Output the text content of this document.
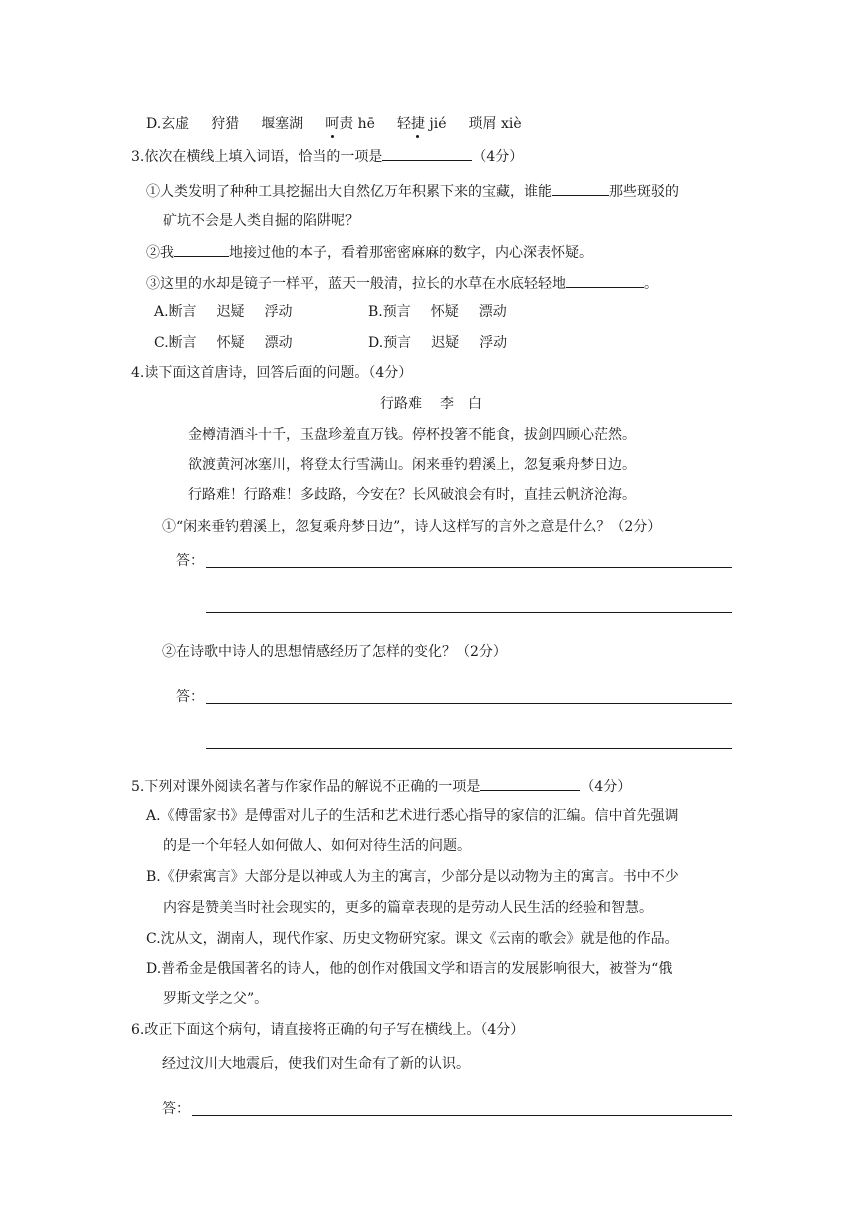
D.玄虚 狩猎 堰塞湖 呵责 hē 轻捷 jié 琐屑 xiè
3.依次在横线上填入词语，恰当的一项是	（4分）
①人类发明了种种工具挖掘出大自然亿万年积累下来的宝藏，谁能	那些斑驳的
矿坑不会是人类自掘的陷阱呢？
②我	地接过他的本子，看着那密密麻麻的数字，内心深表怀疑。
③这里的水却是镜子一样平，蓝天一般清，拉长的水草在水底轻轻地	。
A.断言 迟疑 浮动	B.预言 怀疑 漂动
C.断言 怀疑 漂动	D.预言 迟疑 浮动
4.读下面这首唐诗，回答后面的问题。（4分）
行路难 李　白
金樽清酒斗十千，玉盘珍羞直万钱。停杯投箸不能食，拔剑四顾心茫然。
欲渡黄河冰塞川，将登太行雪满山。闲来垂钓碧溪上，忽复乘舟梦日边。
行路难！行路难！多歧路，今安在？长风破浪会有时，直挂云帆济沧海。
①“闲来垂钓碧溪上，忽复乘舟梦日边”，诗人这样写的言外之意是什么？（2分）
答：
②在诗歌中诗人的思想情感经历了怎样的变化？（2分）
答：
5.下列对课外阅读名著与作家作品的解说不正确的一项是	（4分）
A.《傅雷家书》是傅雷对儿子的生活和艺术进行悉心指导的家信的汇编。信中首先强调
的是一个年轻人如何做人、如何对待生活的问题。
B.《伊索寓言》大部分是以神或人为主的寓言，少部分是以动物为主的寓言。书中不少
内容是赞美当时社会现实的，更多的篇章表现的是劳动人民生活的经验和智慧。
C.沈从文，湖南人，现代作家、历史文物研究家。课文《云南的歌会》就是他的作品。
D.普希金是俄国著名的诗人，他的创作对俄国文学和语言的发展影响很大，被誉为“俄
罗斯文学之父”。
6.改正下面这个病句，请直接将正确的句子写在横线上。（4分）
经过汶川大地震后，使我们对生命有了新的认识。
答：
